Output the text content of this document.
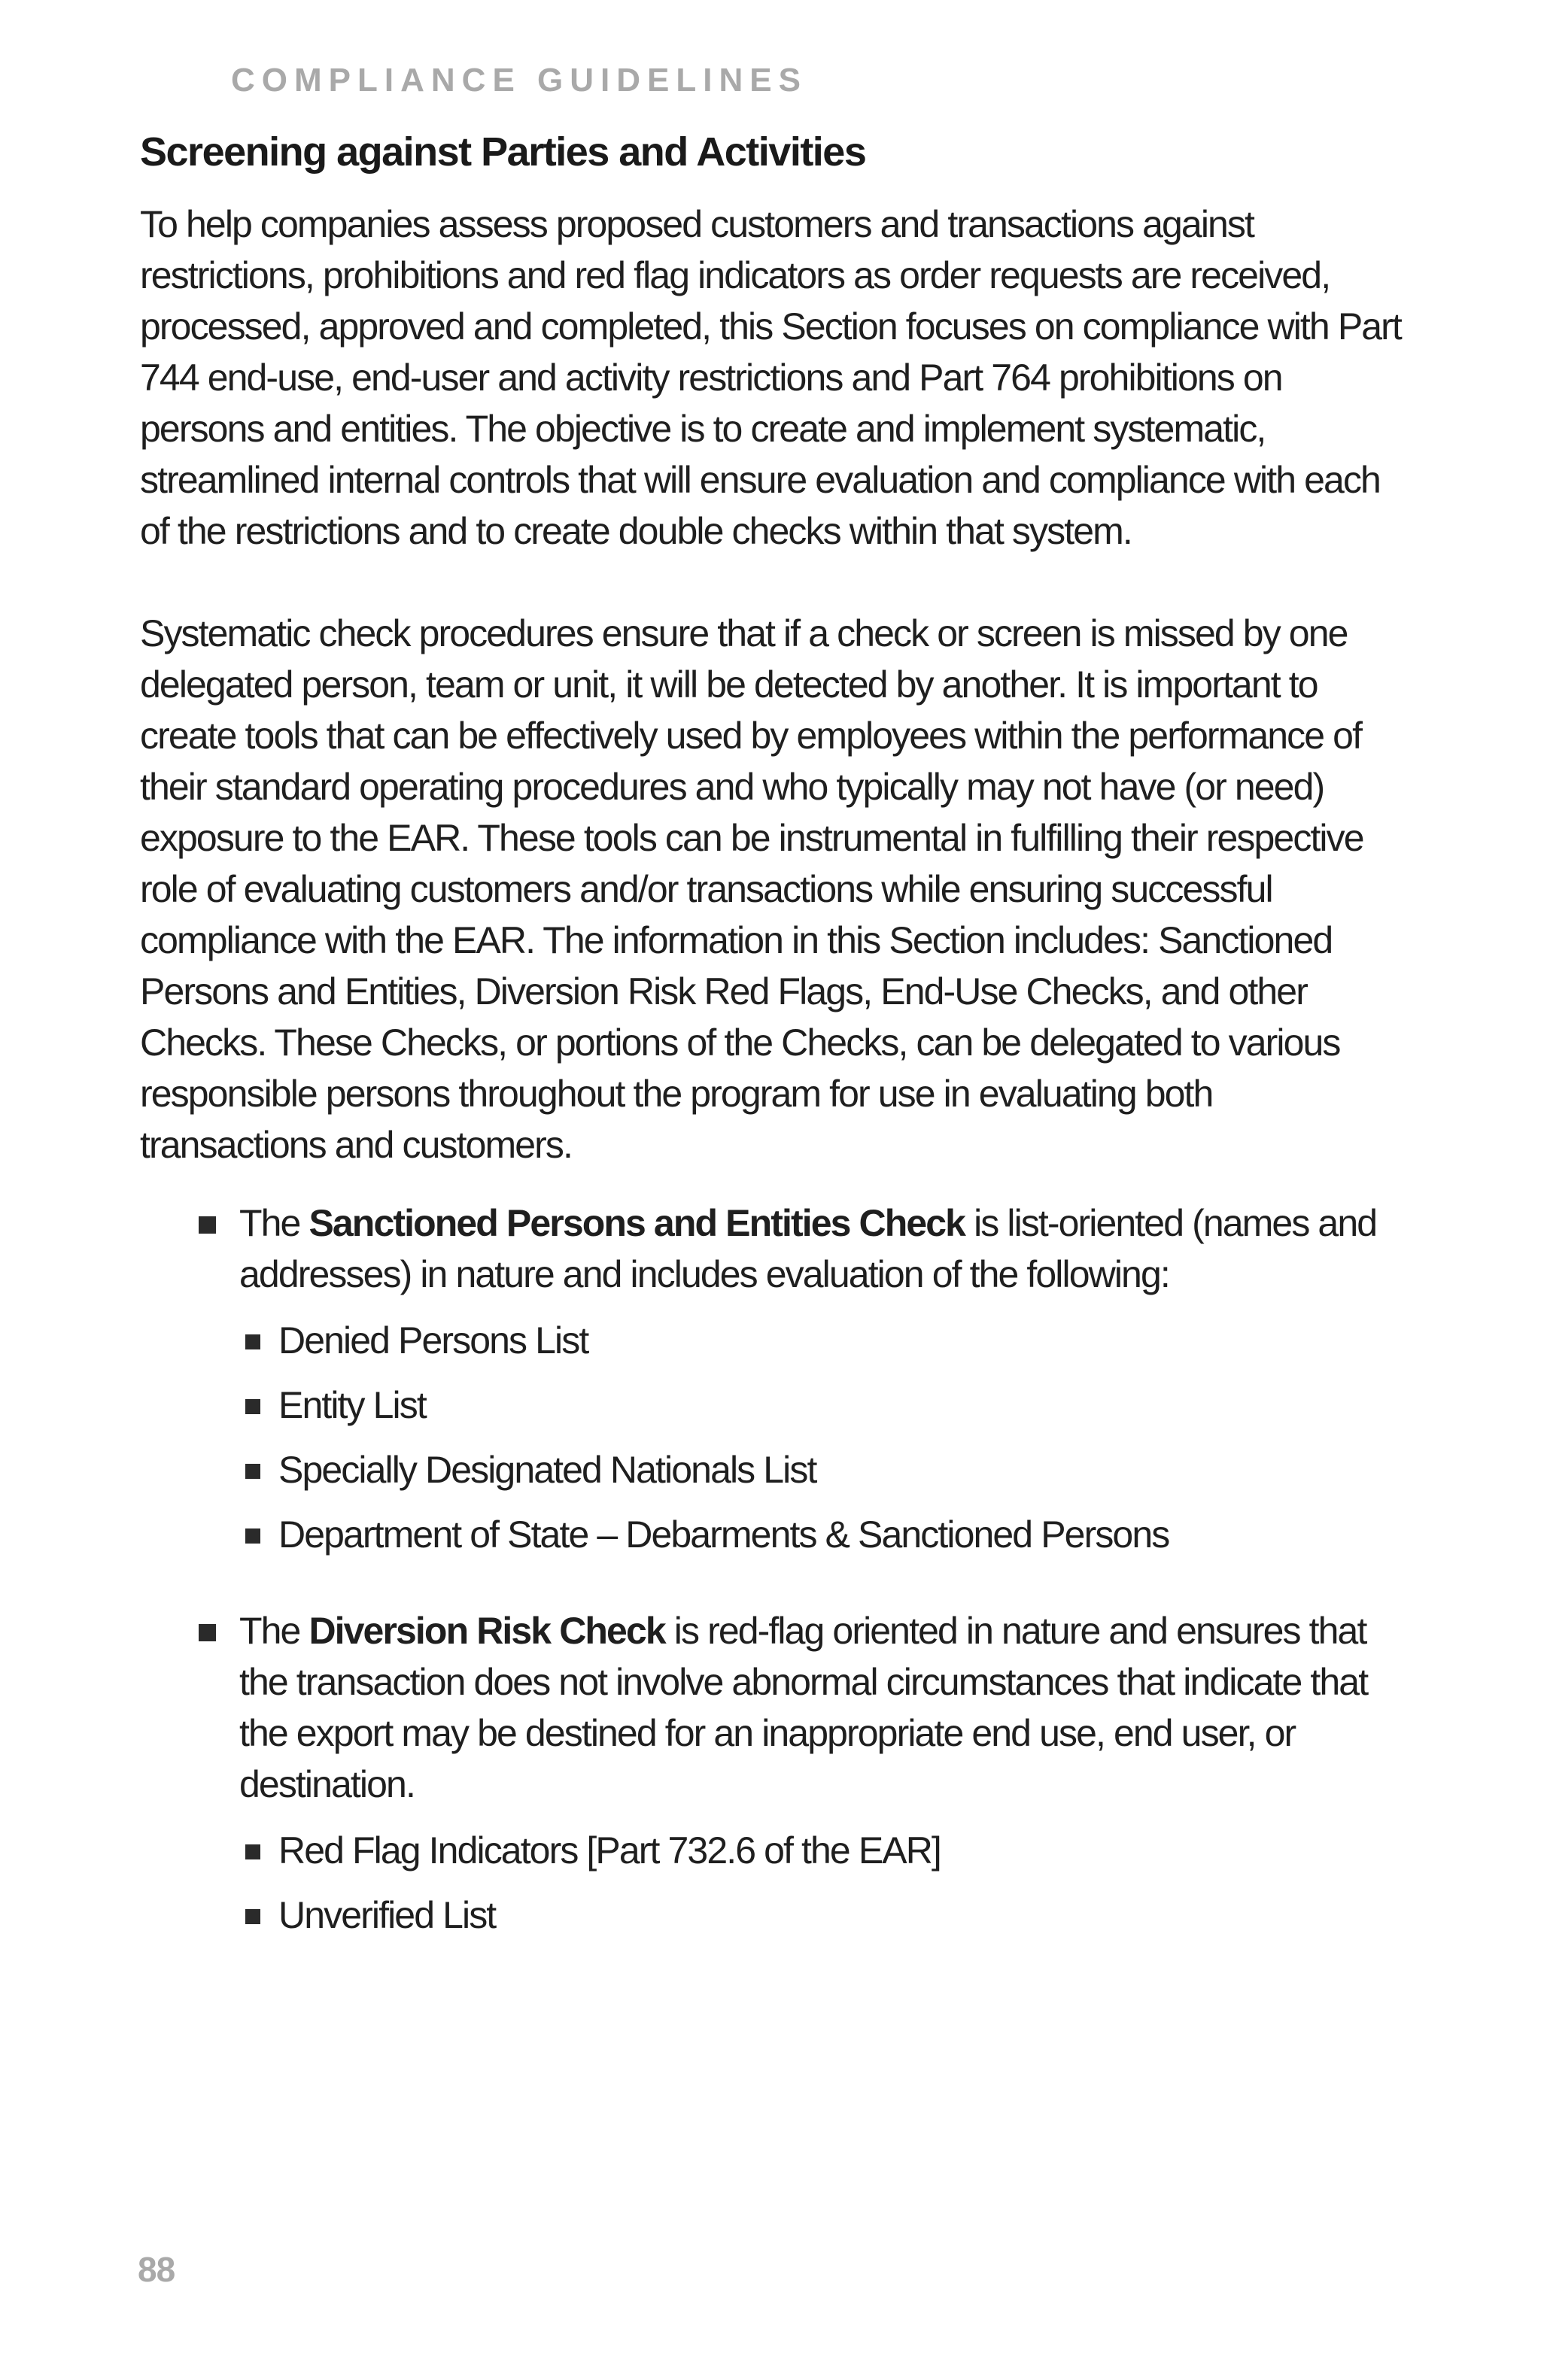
COMPLIANCE GUIDELINES
Screening against Parties and Activities

To help companies assess proposed customers and transactions against restrictions, prohibitions and red flag indicators as order requests are received, processed, approved and completed, this Section focuses on compliance with Part 744 end-use, end-user and activity restrictions and Part 764 prohibitions on persons and entities. The objective is to create and implement systematic, streamlined internal controls that will ensure evaluation and compliance with each of the restrictions and to create double checks within that system.

Systematic check procedures ensure that if a check or screen is missed by one delegated person, team or unit, it will be detected by another. It is important to create tools that can be effectively used by employees within the performance of their standard operating procedures and who typically may not have (or need) exposure to the EAR. These tools can be instrumental in fulfilling their respective role of evaluating customers and/or transactions while ensuring successful compliance with the EAR. The information in this Section includes: Sanctioned Persons and Entities, Diversion Risk Red Flags, End-Use Checks, and other Checks. These Checks, or portions of the Checks, can be delegated to various responsible persons throughout the program for use in evaluating both transactions and customers.

The Sanctioned Persons and Entities Check is list-oriented (names and addresses) in nature and includes evaluation of the following:
Denied Persons List
Entity List
Specially Designated Nationals List
Department of State – Debarments & Sanctioned Persons
The Diversion Risk Check is red-flag oriented in nature and ensures that the transaction does not involve abnormal circumstances that indicate that the export may be destined for an inappropriate end use, end user, or destination.
Red Flag Indicators [Part 732.6 of the EAR]
Unverified List
88
